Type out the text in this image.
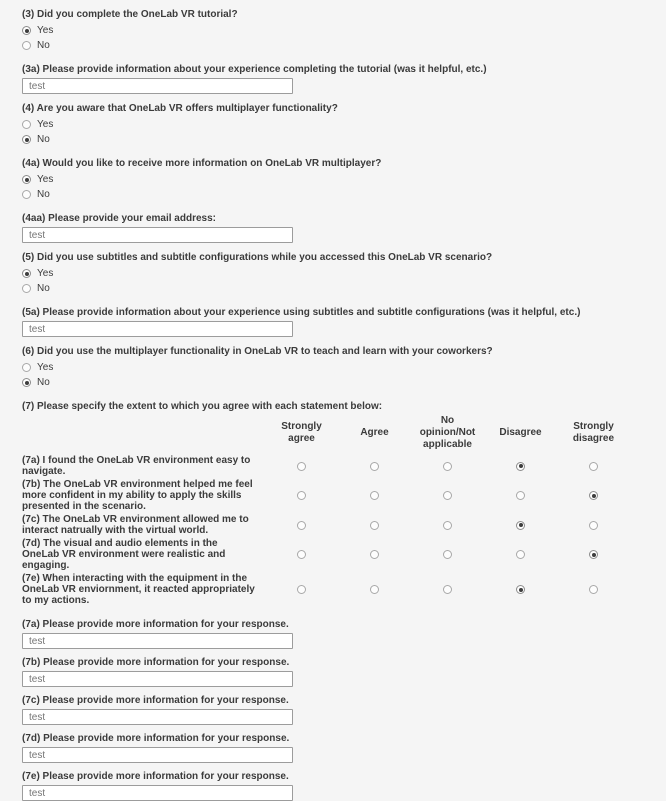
(3) Did you complete the OneLab VR tutorial?
Yes
No
(3a) Please provide information about your experience completing the tutorial (was it helpful, etc.)
test
(4) Are you aware that OneLab VR offers multiplayer functionality?
Yes
No
(4a) Would you like to receive more information on OneLab VR multiplayer?
Yes
No
(4aa) Please provide your email address:
test
(5) Did you use subtitles and subtitle configurations while you accessed this OneLab VR scenario?
Yes
No
(5a) Please provide information about your experience using subtitles and subtitle configurations (was it helpful, etc.)
test
(6) Did you use the multiplayer functionality in OneLab VR to teach and learn with your coworkers?
Yes
No
(7) Please specify the extent to which you agree with each statement below:
Strongly agree
Agree
No opinion/Not applicable
Disagree
Strongly disagree
(7a) I found the OneLab VR environment easy to navigate.
(7b) The OneLab VR environment helped me feel more confident in my ability to apply the skills presented in the scenario.
(7c) The OneLab VR environment allowed me to interact natrually with the virtual world.
(7d) The visual and audio elements in the OneLab VR environment were realistic and engaging.
(7e) When interacting with the equipment in the OneLab VR enviornment, it reacted appropriately to my actions.
(7a) Please provide more information for your response.
test
(7b) Please provide more information for your response.
test
(7c) Please provide more information for your response.
test
(7d) Please provide more information for your response.
test
(7e) Please provide more information for your response.
test
